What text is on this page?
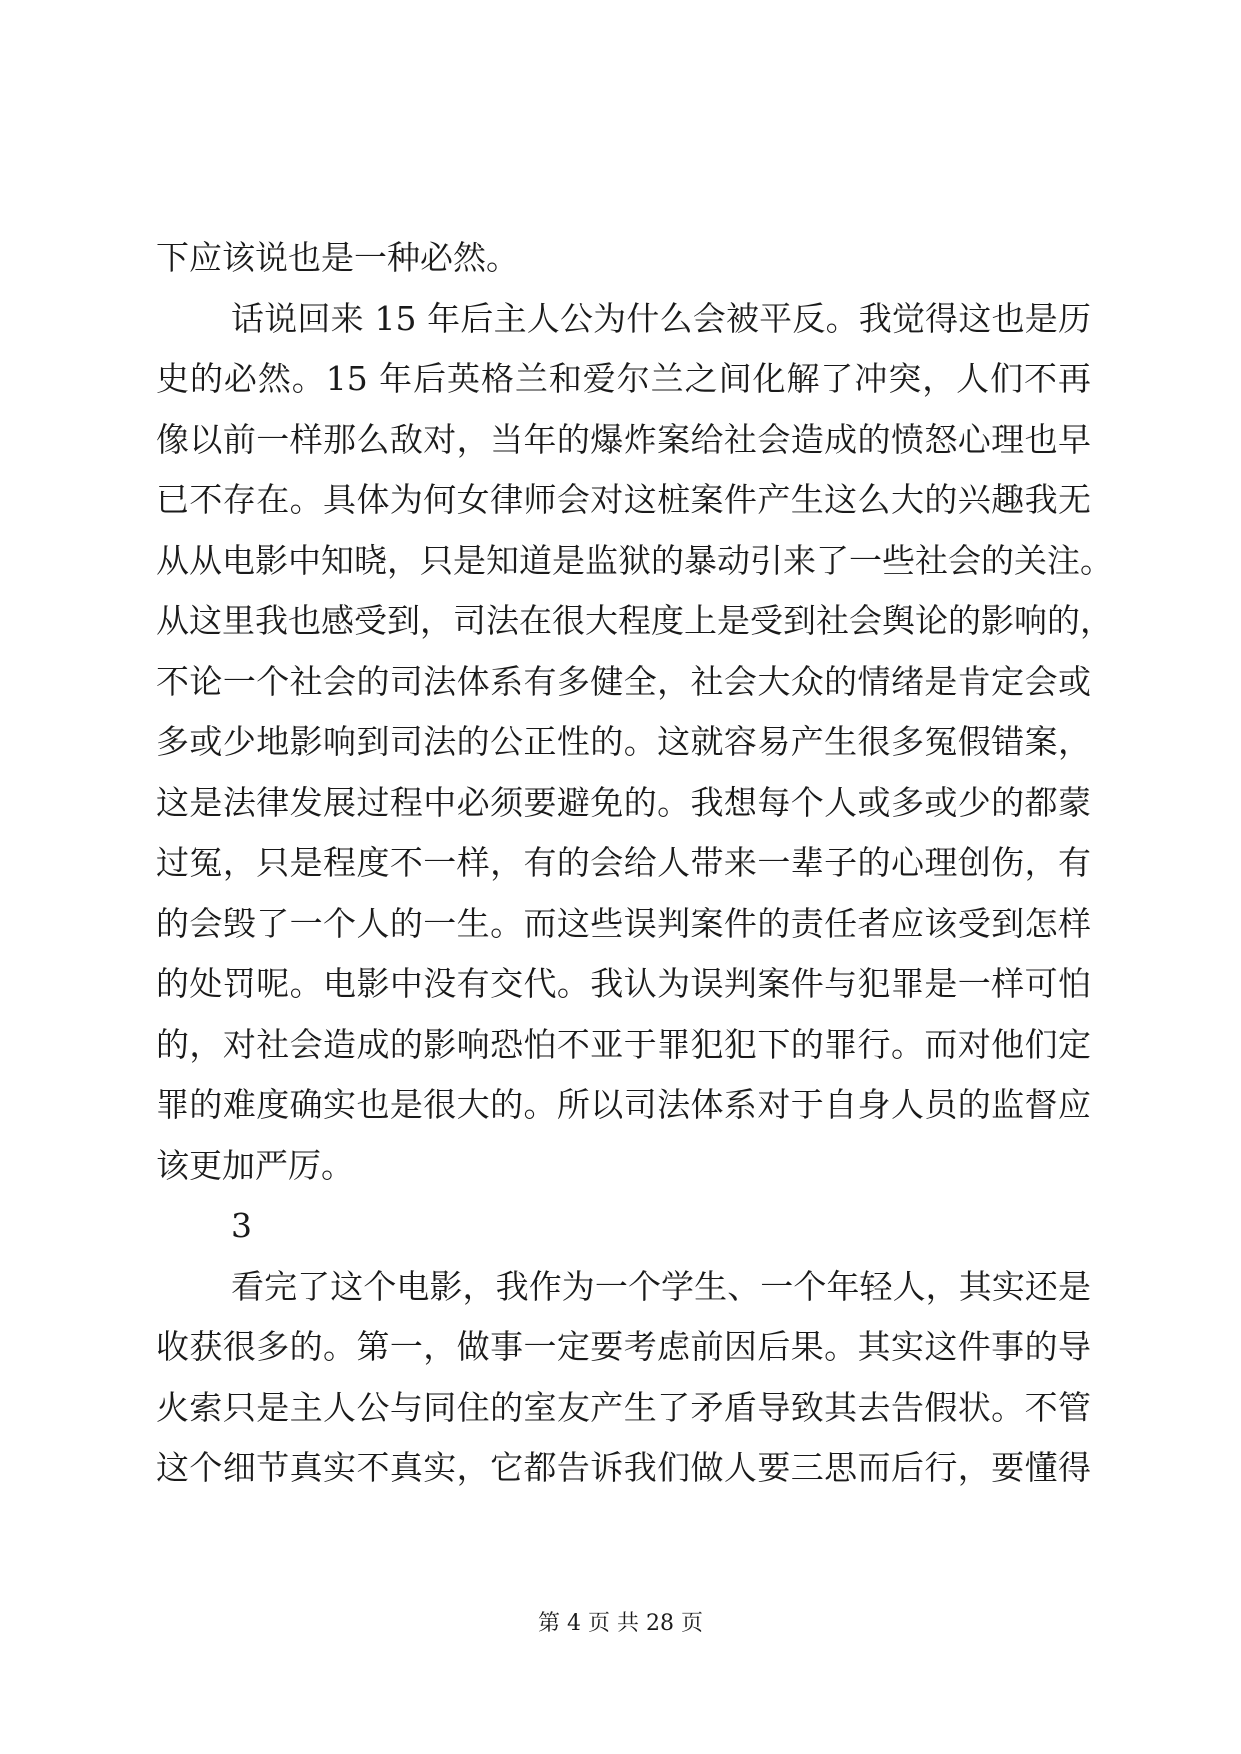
下应该说也是一种必然。
话说回来 15 年后主人公为什么会被平反。我觉得这也是历
史的必然。15 年后英格兰和爱尔兰之间化解了冲突，人们不再
像以前一样那么敌对，当年的爆炸案给社会造成的愤怒心理也早
已不存在。具体为何女律师会对这桩案件产生这么大的兴趣我无
从从电影中知晓，只是知道是监狱的暴动引来了一些社会的关注。
从这里我也感受到，司法在很大程度上是受到社会舆论的影响的，
不论一个社会的司法体系有多健全，社会大众的情绪是肯定会或
多或少地影响到司法的公正性的。这就容易产生很多冤假错案，
这是法律发展过程中必须要避免的。我想每个人或多或少的都蒙
过冤，只是程度不一样，有的会给人带来一辈子的心理创伤，有
的会毁了一个人的一生。而这些误判案件的责任者应该受到怎样
的处罚呢。电影中没有交代。我认为误判案件与犯罪是一样可怕
的，对社会造成的影响恐怕不亚于罪犯犯下的罪行。而对他们定
罪的难度确实也是很大的。所以司法体系对于自身人员的监督应
该更加严厉。
3
看完了这个电影，我作为一个学生、一个年轻人，其实还是
收获很多的。第一，做事一定要考虑前因后果。其实这件事的导
火索只是主人公与同住的室友产生了矛盾导致其去告假状。不管
这个细节真实不真实，它都告诉我们做人要三思而后行，要懂得
第 4 页 共 28 页
